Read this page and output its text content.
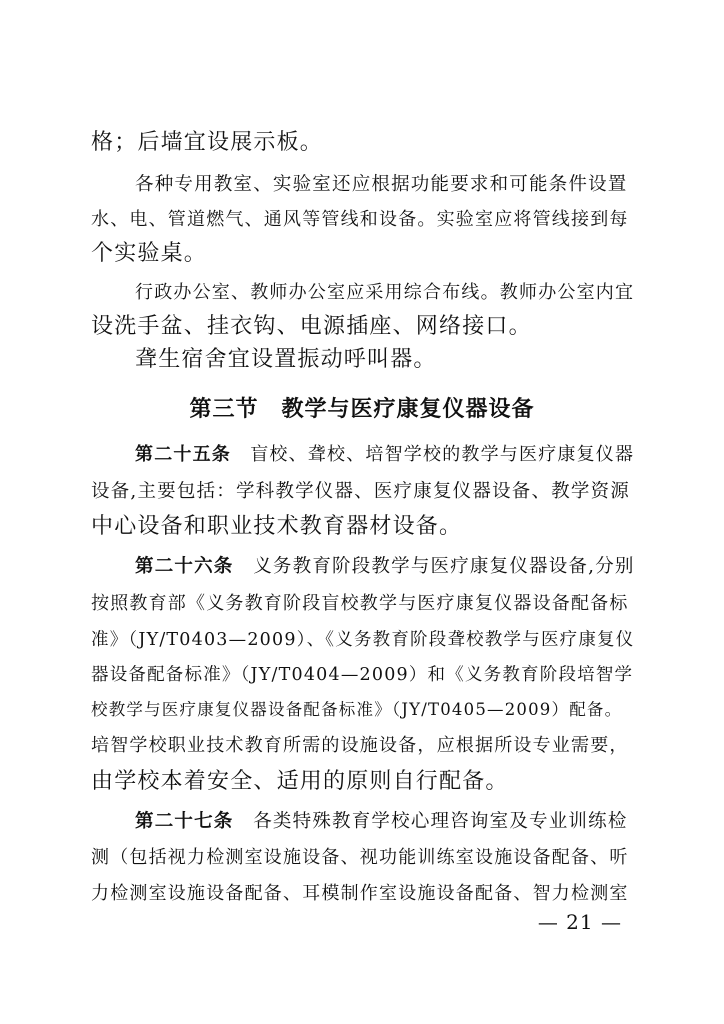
格；后墙宜设展示板。
各种专用教室、实验室还应根据功能要求和可能条件设置
水、电、管道燃气、通风等管线和设备。实验室应将管线接到每
个实验桌。
行政办公室、教师办公室应采用综合布线。教师办公室内宜
设洗手盆、挂衣钩、电源插座、网络接口。
聋生宿舍宜设置振动呼叫器。
第三节　教学与医疗康复仪器设备
第二十五条　盲校、聋校、培智学校的教学与医疗康复仪器
设备,主要包括：学科教学仪器、医疗康复仪器设备、教学资源
中心设备和职业技术教育器材设备。
第二十六条　义务教育阶段教学与医疗康复仪器设备,分别
按照教育部《义务教育阶段盲校教学与医疗康复仪器设备配备标
准》（JY/T0403—2009）、《义务教育阶段聋校教学与医疗康复仪
器设备配备标准》（JY/T0404—2009）和《义务教育阶段培智学
校教学与医疗康复仪器设备配备标准》（JY/T0405—2009）配备。
培智学校职业技术教育所需的设施设备，应根据所设专业需要，
由学校本着安全、适用的原则自行配备。
第二十七条　各类特殊教育学校心理咨询室及专业训练检
测（包括视力检测室设施设备、视功能训练室设施设备配备、听
力检测室设施设备配备、耳模制作室设施设备配备、智力检测室
— 21 —
